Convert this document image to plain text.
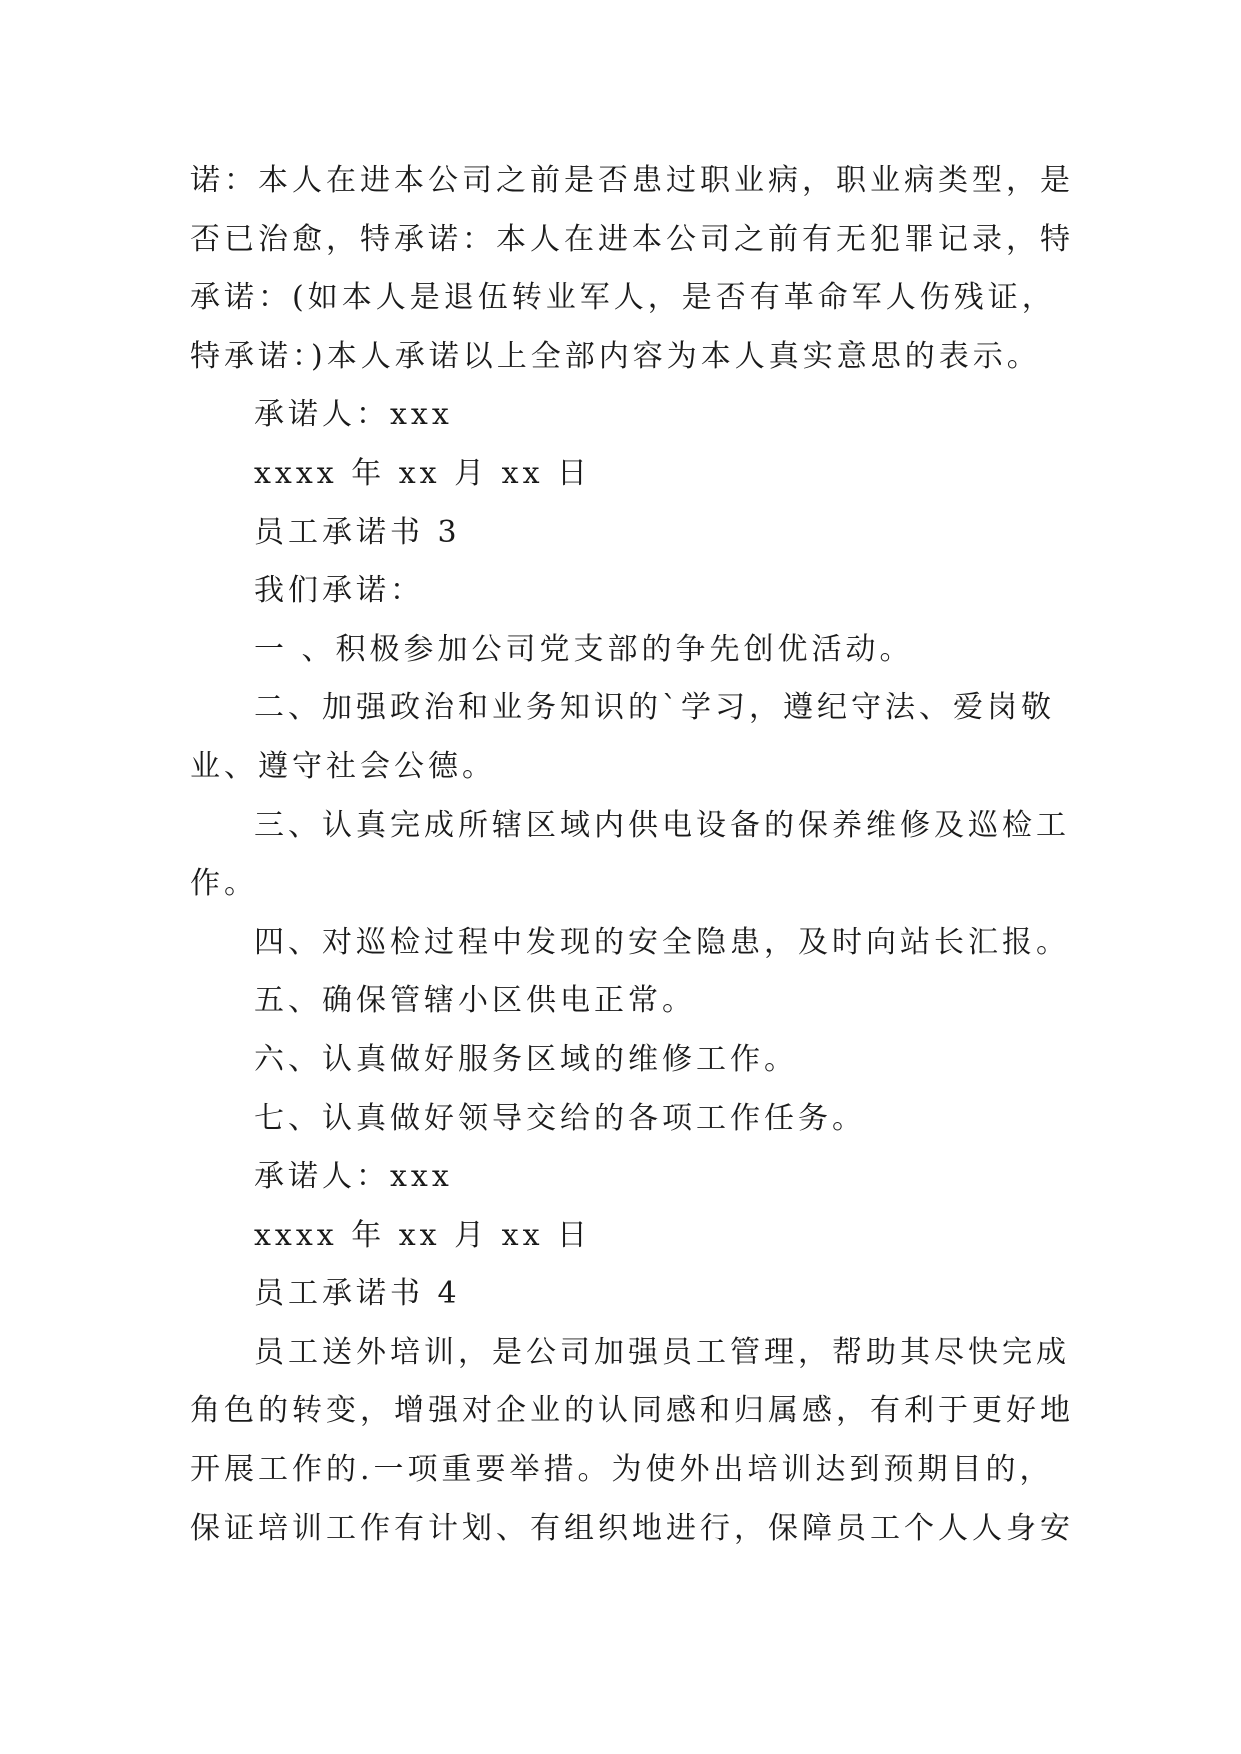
诺：本人在进本公司之前是否患过职业病，职业病类型，是
否已治愈，特承诺：本人在进本公司之前有无犯罪记录，特
承诺：(如本人是退伍转业军人，是否有革命军人伤残证，
特承诺：)本人承诺以上全部内容为本人真实意思的表示。
承诺人：xxx
xxxx 年 xx 月 xx 日
员工承诺书 3
我们承诺：
一 、积极参加公司党支部的争先创优活动。
二、加强政治和业务知识的`学习，遵纪守法、爱岗敬
业、遵守社会公德。
三、认真完成所辖区域内供电设备的保养维修及巡检工
作。
四、对巡检过程中发现的安全隐患，及时向站长汇报。
五、确保管辖小区供电正常。
六、认真做好服务区域的维修工作。
七、认真做好领导交给的各项工作任务。
承诺人：xxx
xxxx 年 xx 月 xx 日
员工承诺书 4
员工送外培训，是公司加强员工管理，帮助其尽快完成
角色的转变，增强对企业的认同感和归属感，有利于更好地
开展工作的.一项重要举措。为使外出培训达到预期目的，
保证培训工作有计划、有组织地进行，保障员工个人人身安
